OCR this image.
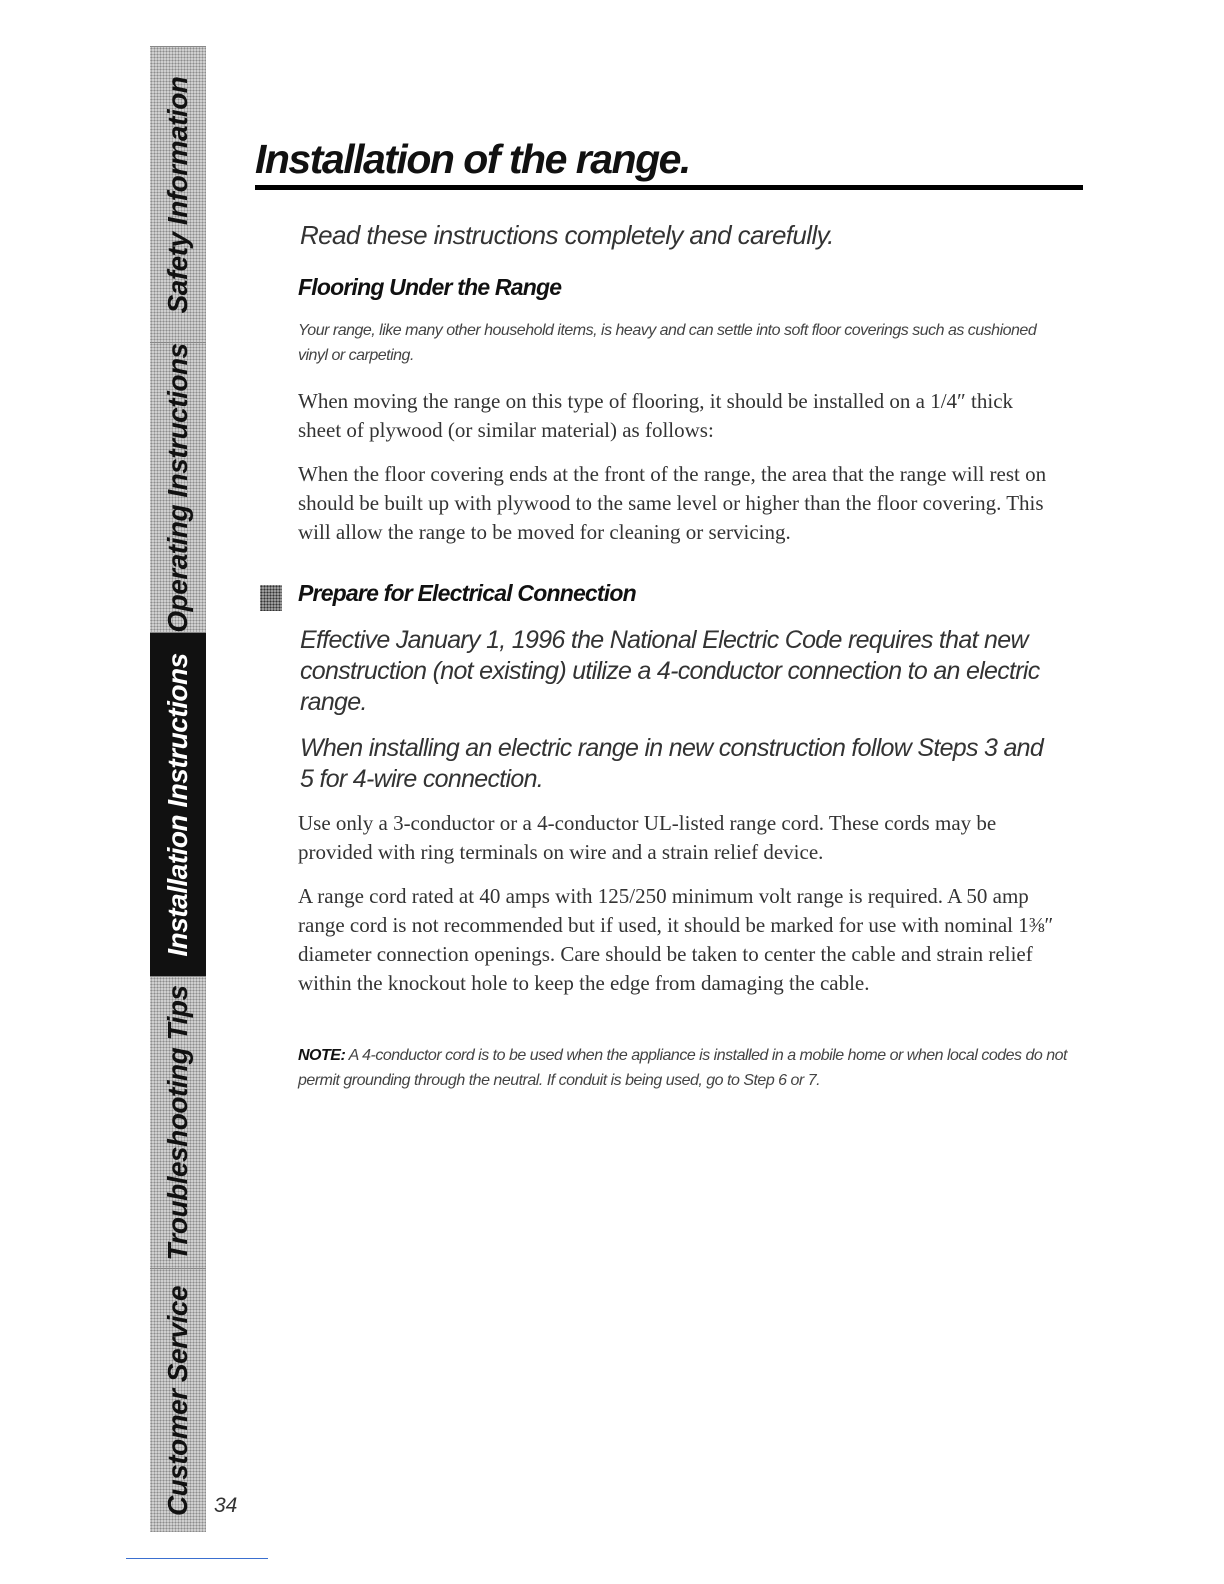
Safety Information
Operating Instructions
Installation Instructions
Troubleshooting Tips
Customer Service 34
Installation of the range.

Read these instructions completely and carefully.

Flooring Under the Range

Your range, like many other household items, is heavy and can settle into soft floor coverings such as cushioned vinyl or carpeting.

When moving the range on this type of flooring, it should be installed on a 1/4″ thick sheet of plywood (or similar material) as follows:

When the floor covering ends at the front of the range, the area that the range will rest on should be built up with plywood to the same level or higher than the floor covering. This will allow the range to be moved for cleaning or servicing.

Prepare for Electrical Connection

Effective January 1, 1996 the National Electric Code requires that new construction (not existing) utilize a 4-conductor connection to an electric range.

When installing an electric range in new construction follow Steps 3 and 5 for 4-wire connection.

Use only a 3-conductor or a 4-conductor UL-listed range cord. These cords may be provided with ring terminals on wire and a strain relief device.

A range cord rated at 40 amps with 125/250 minimum volt range is required. A 50 amp range cord is not recommended but if used, it should be marked for use with nominal 1⅜″ diameter connection openings. Care should be taken to center the cable and strain relief within the knockout hole to keep the edge from damaging the cable.

NOTE: A 4-conductor cord is to be used when the appliance is installed in a mobile home or when local codes do not permit grounding through the neutral. If conduit is being used, go to Step 6 or 7.
